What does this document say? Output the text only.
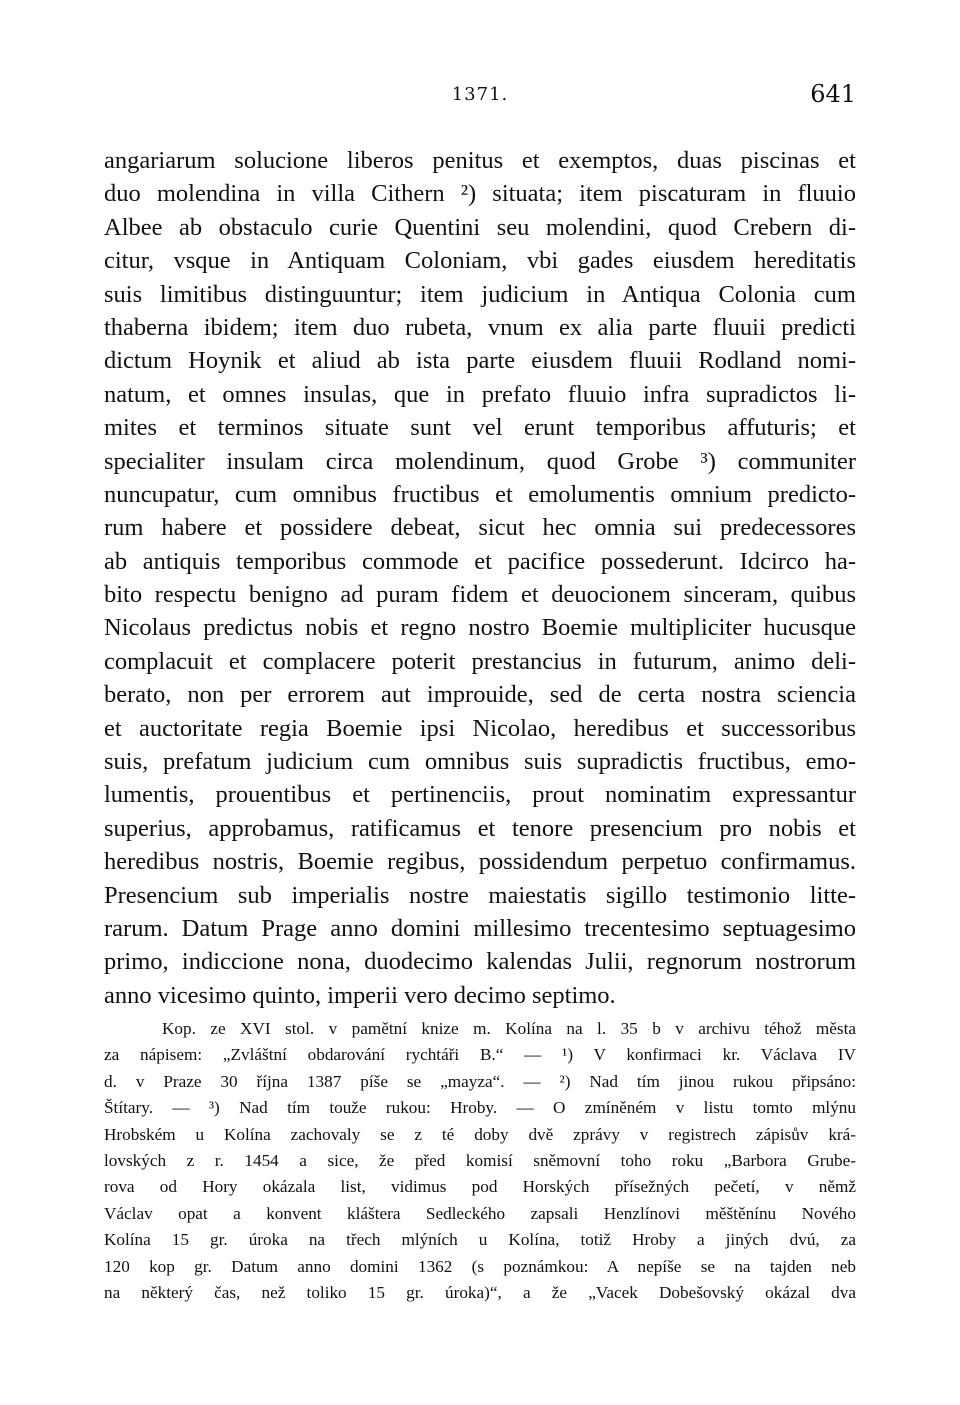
1371.	641
angariarum solucione liberos penitus et exemptos, duas piscinas et
duo molendina in villa Cithern ²) situata; item piscaturam in fluuio
Albee ab obstaculo curie Quentini seu molendini, quod Crebern di-
citur, vsque in Antiquam Coloniam, vbi gades eiusdem hereditatis
suis limitibus distinguuntur; item judicium in Antiqua Colonia cum
thaberna ibidem; item duo rubeta, vnum ex alia parte fluuii predicti
dictum Hoynik et aliud ab ista parte eiusdem fluuii Rodland nomi-
natum, et omnes insulas, que in prefato fluuio infra supradictos li-
mites et terminos situate sunt vel erunt temporibus affuturis; et
specialiter insulam circa molendinum, quod Grobe ³) communiter
nuncupatur, cum omnibus fructibus et emolumentis omnium predicto-
rum habere et possidere debeat, sicut hec omnia sui predecessores
ab antiquis temporibus commode et pacifice possederunt. Idcirco ha-
bito respectu benigno ad puram fidem et deuocionem sinceram, quibus
Nicolaus predictus nobis et regno nostro Boemie multipliciter hucusque
complacuit et complacere poterit prestancius in futurum, animo deli-
berato, non per errorem aut improuide, sed de certa nostra sciencia
et auctoritate regia Boemie ipsi Nicolao, heredibus et successoribus
suis, prefatum judicium cum omnibus suis supradictis fructibus, emo-
lumentis, prouentibus et pertinenciis, prout nominatim expressantur
superius, approbamus, ratificamus et tenore presencium pro nobis et
heredibus nostris, Boemie regibus, possidendum perpetuo confirmamus.
Presencium sub imperialis nostre maiestatis sigillo testimonio litte-
rarum. Datum Prage anno domini millesimo trecentesimo septuagesimo
primo, indiccione nona, duodecimo kalendas Julii, regnorum nostrorum
anno vicesimo quinto, imperii vero decimo septimo.
Kop. ze XVI stol. v pamětní knize m. Kolína na l. 35 b v archivu téhož města
za nápisem: „Zvláštní obdarování rychtáři B.“ — ¹) V konfirmaci kr. Václava IV
d. v Praze 30 října 1387 píše se „mayza“. — ²) Nad tím jinou rukou připsáno:
Štítary. — ³) Nad tím touže rukou: Hroby. — O zmíněném v listu tomto mlýnu
Hrobském u Kolína zachovaly se z té doby dvě zprávy v registrech zápisův krá-
lovských z r. 1454 a sice, že před komisí sněmovní toho roku „Barbora Grube-
rova od Hory okázala list, vidimus pod Horských přísežných pečetí, v němž
Václav opat a konvent kláštera Sedleckého zapsali Henzlínovi měštěnínu Nového
Kolína 15 gr. úroka na třech mlýních u Kolína, totiž Hroby a jiných dvú, za
120 kop gr. Datum anno domini 1362 (s poznámkou: A nepíše se na tajden neb
na některý čas, než toliko 15 gr. úroka)“, a že „Vacek Dobešovský okázal dva
